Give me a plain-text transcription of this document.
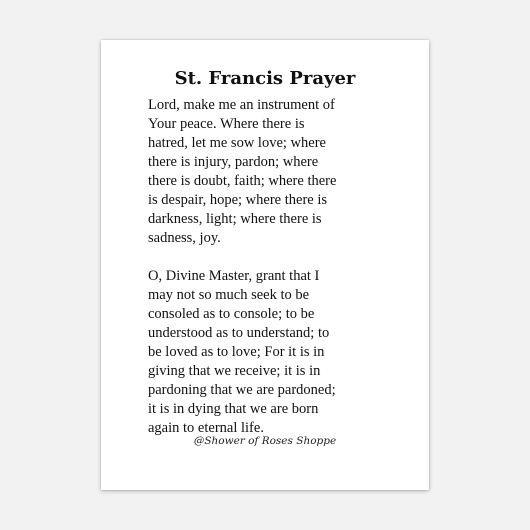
St. Francis Prayer

Lord, make me an instrument of
Your peace. Where there is
hatred, let me sow love; where
there is injury, pardon; where
there is doubt, faith; where there
is despair, hope; where there is
darkness, light; where there is
sadness, joy.

O, Divine Master, grant that I
may not so much seek to be
consoled as to console; to be
understood as to understand; to
be loved as to love; For it is in
giving that we receive; it is in
pardoning that we are pardoned;
it is in dying that we are born
again to eternal life.

@Shower of Roses Shoppe
